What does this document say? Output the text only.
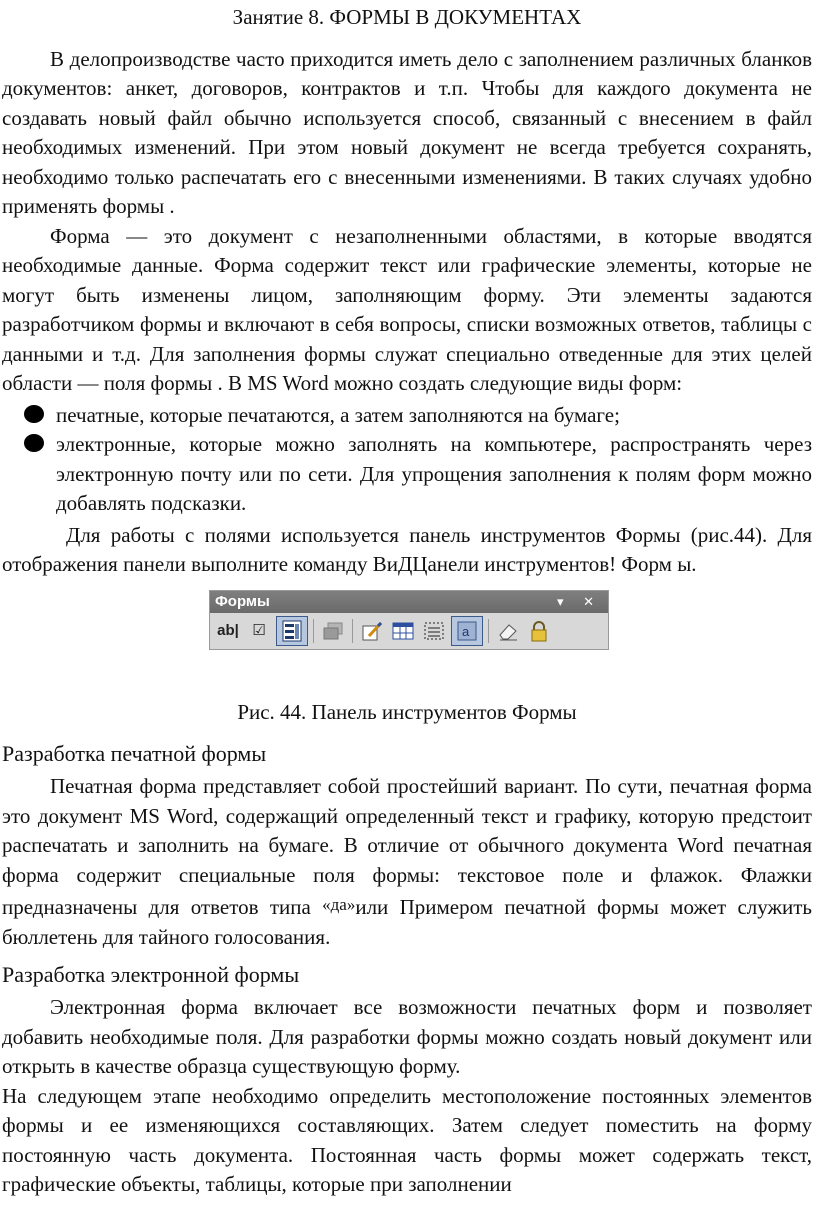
Занятие 8. ФОРМЫ В ДОКУМЕНТАХ

В делопроизводстве часто приходится иметь дело с заполнением различных бланков документов: анкет, договоров, контрактов и т.п. Чтобы для каждого документа не создавать новый файл обычно используется способ, связанный с внесением в файл необходимых изменений. При этом новый документ не всегда требуется сохранять, необходимо только распечатать его с внесенными изменениями. В таких случаях удобно применять формы .

Форма — это документ с незаполненными областями, в которые вводятся необходимые данные. Форма содержит текст или графические элементы, которые не могут быть изменены лицом, заполняющим форму. Эти элементы задаются разработчиком формы и включают в себя вопросы, списки возможных ответов, таблицы с данными и т.д. Для заполнения формы служат специально отведенные для этих целей области — поля формы . В MS Word можно создать следующие виды форм:

печатные, которые печатаются, а затем заполняются на бумаге;
электронные, которые можно заполнять на компьютере, распространять через электронную почту или по сети. Для упрощения заполнения к полям форм можно добавлять подсказки.

Для работы с полями используется панель инструментов Формы (рис.44). Для отображения панели выполните команду ВиДЦанели инструментов! Форм ы.

Формы	▾ ✕
ab| ☑	a
Рис. 44. Панель инструментов Формы
Разработка печатной формы

Печатная форма представляет собой простейший вариант. По сути, печатная форма это документ MS Word, содержащий определенный текст и графику, которую предстоит распечатать и заполнить на бумаге. В отличие от обычного документа Word печатная форма содержит специальные поля формы: текстовое поле и флажок. Флажки предназначены для ответов типа «да»или Примером печатной формы может служить бюллетень для тайного голосования.

Разработка электронной формы

Электронная форма включает все возможности печатных форм и позволяет добавить необходимые поля. Для разработки формы можно создать новый документ или открыть в качестве образца существующую форму.

На следующем этапе необходимо определить местоположение постоянных элементов формы и ее изменяющихся составляющих. Затем следует поместить на форму постоянную часть документа. Постоянная часть формы может содержать текст, графические объекты, таблицы, которые при заполнении
